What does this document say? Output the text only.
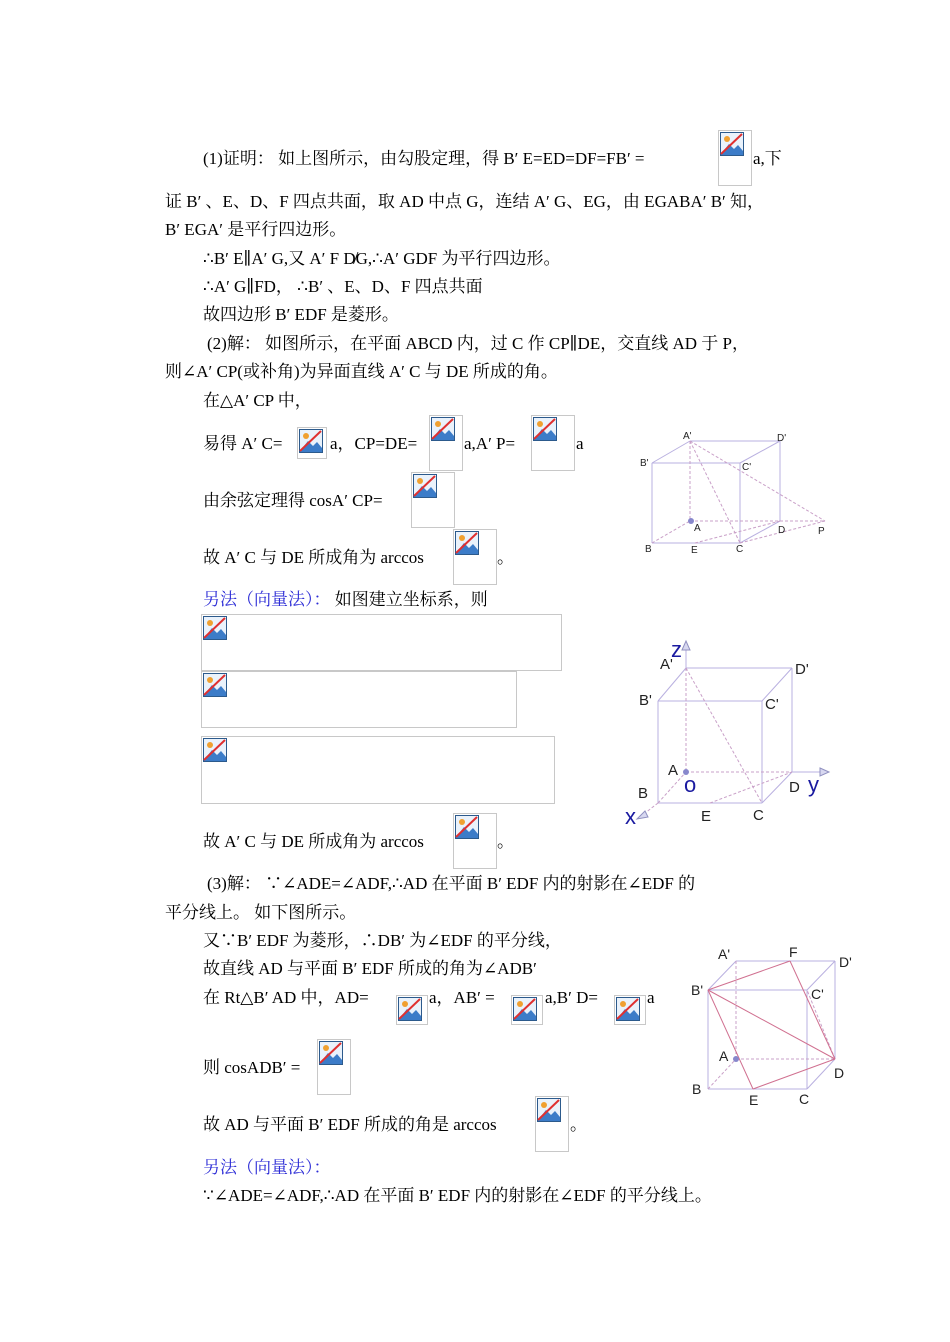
(1)证明： 如上图所示，由勾股定理，得 B′ E=ED=DF=FB′ =	a,下
证 B′ 、E、D、F 四点共面，取 AD 中点 G，连结 A′ G、EG，由 EGABA′ B′ 知，
B′ EGA′ 是平行四边形。
∴B′ E∥A′ G,又 A′ F D̸G,∴A′ GDF 为平行四边形。
∴A′ G∥FD， ∴B′ 、E、D、F 四点共面
故四边形 B′ EDF 是菱形。
(2)解： 如图所示，在平面 ABCD 内，过 C 作 CP∥DE，交直线 AD 于 P，
则∠A′ CP(或补角)为异面直线 A′ C 与 DE 所成的角。
在△A′ CP 中，
易得 A′ C=	a，CP=DE=	a,A′ P=	a
由余弦定理得 cosA′ CP=
故 A′ C 与 DE 所成角为 arccos	。
另法（向量法）： 如图建立坐标系，则
故 A′ C 与 DE 所成角为 arccos	。
(3)解： ∵∠ADE=∠ADF,∴AD 在平面 B′ EDF 内的射影在∠EDF 的
平分线上。 如下图所示。
又∵B′ EDF 为菱形，∴DB′ 为∠EDF 的平分线，
故直线 AD 与平面 B′ EDF 所成的角为∠ADB′
在 Rt△B′ AD 中，AD=	a，AB′ =	a,B′ D=	a
则 cosADB′ =
故 AD 与平面 B′ EDF 所成的角是 arccos	。
另法（向量法）：
∵∠ADE=∠ADF,∴AD 在平面 B′ EDF 内的射影在∠EDF 的平分线上。
A'	D'
B'	C'
A
B	E	C
D	P
A'	D'
B'	C'
A
D
B
E	C
z
o	y
x
A'	F
D'
B'	C'
A
D
B
E	C
